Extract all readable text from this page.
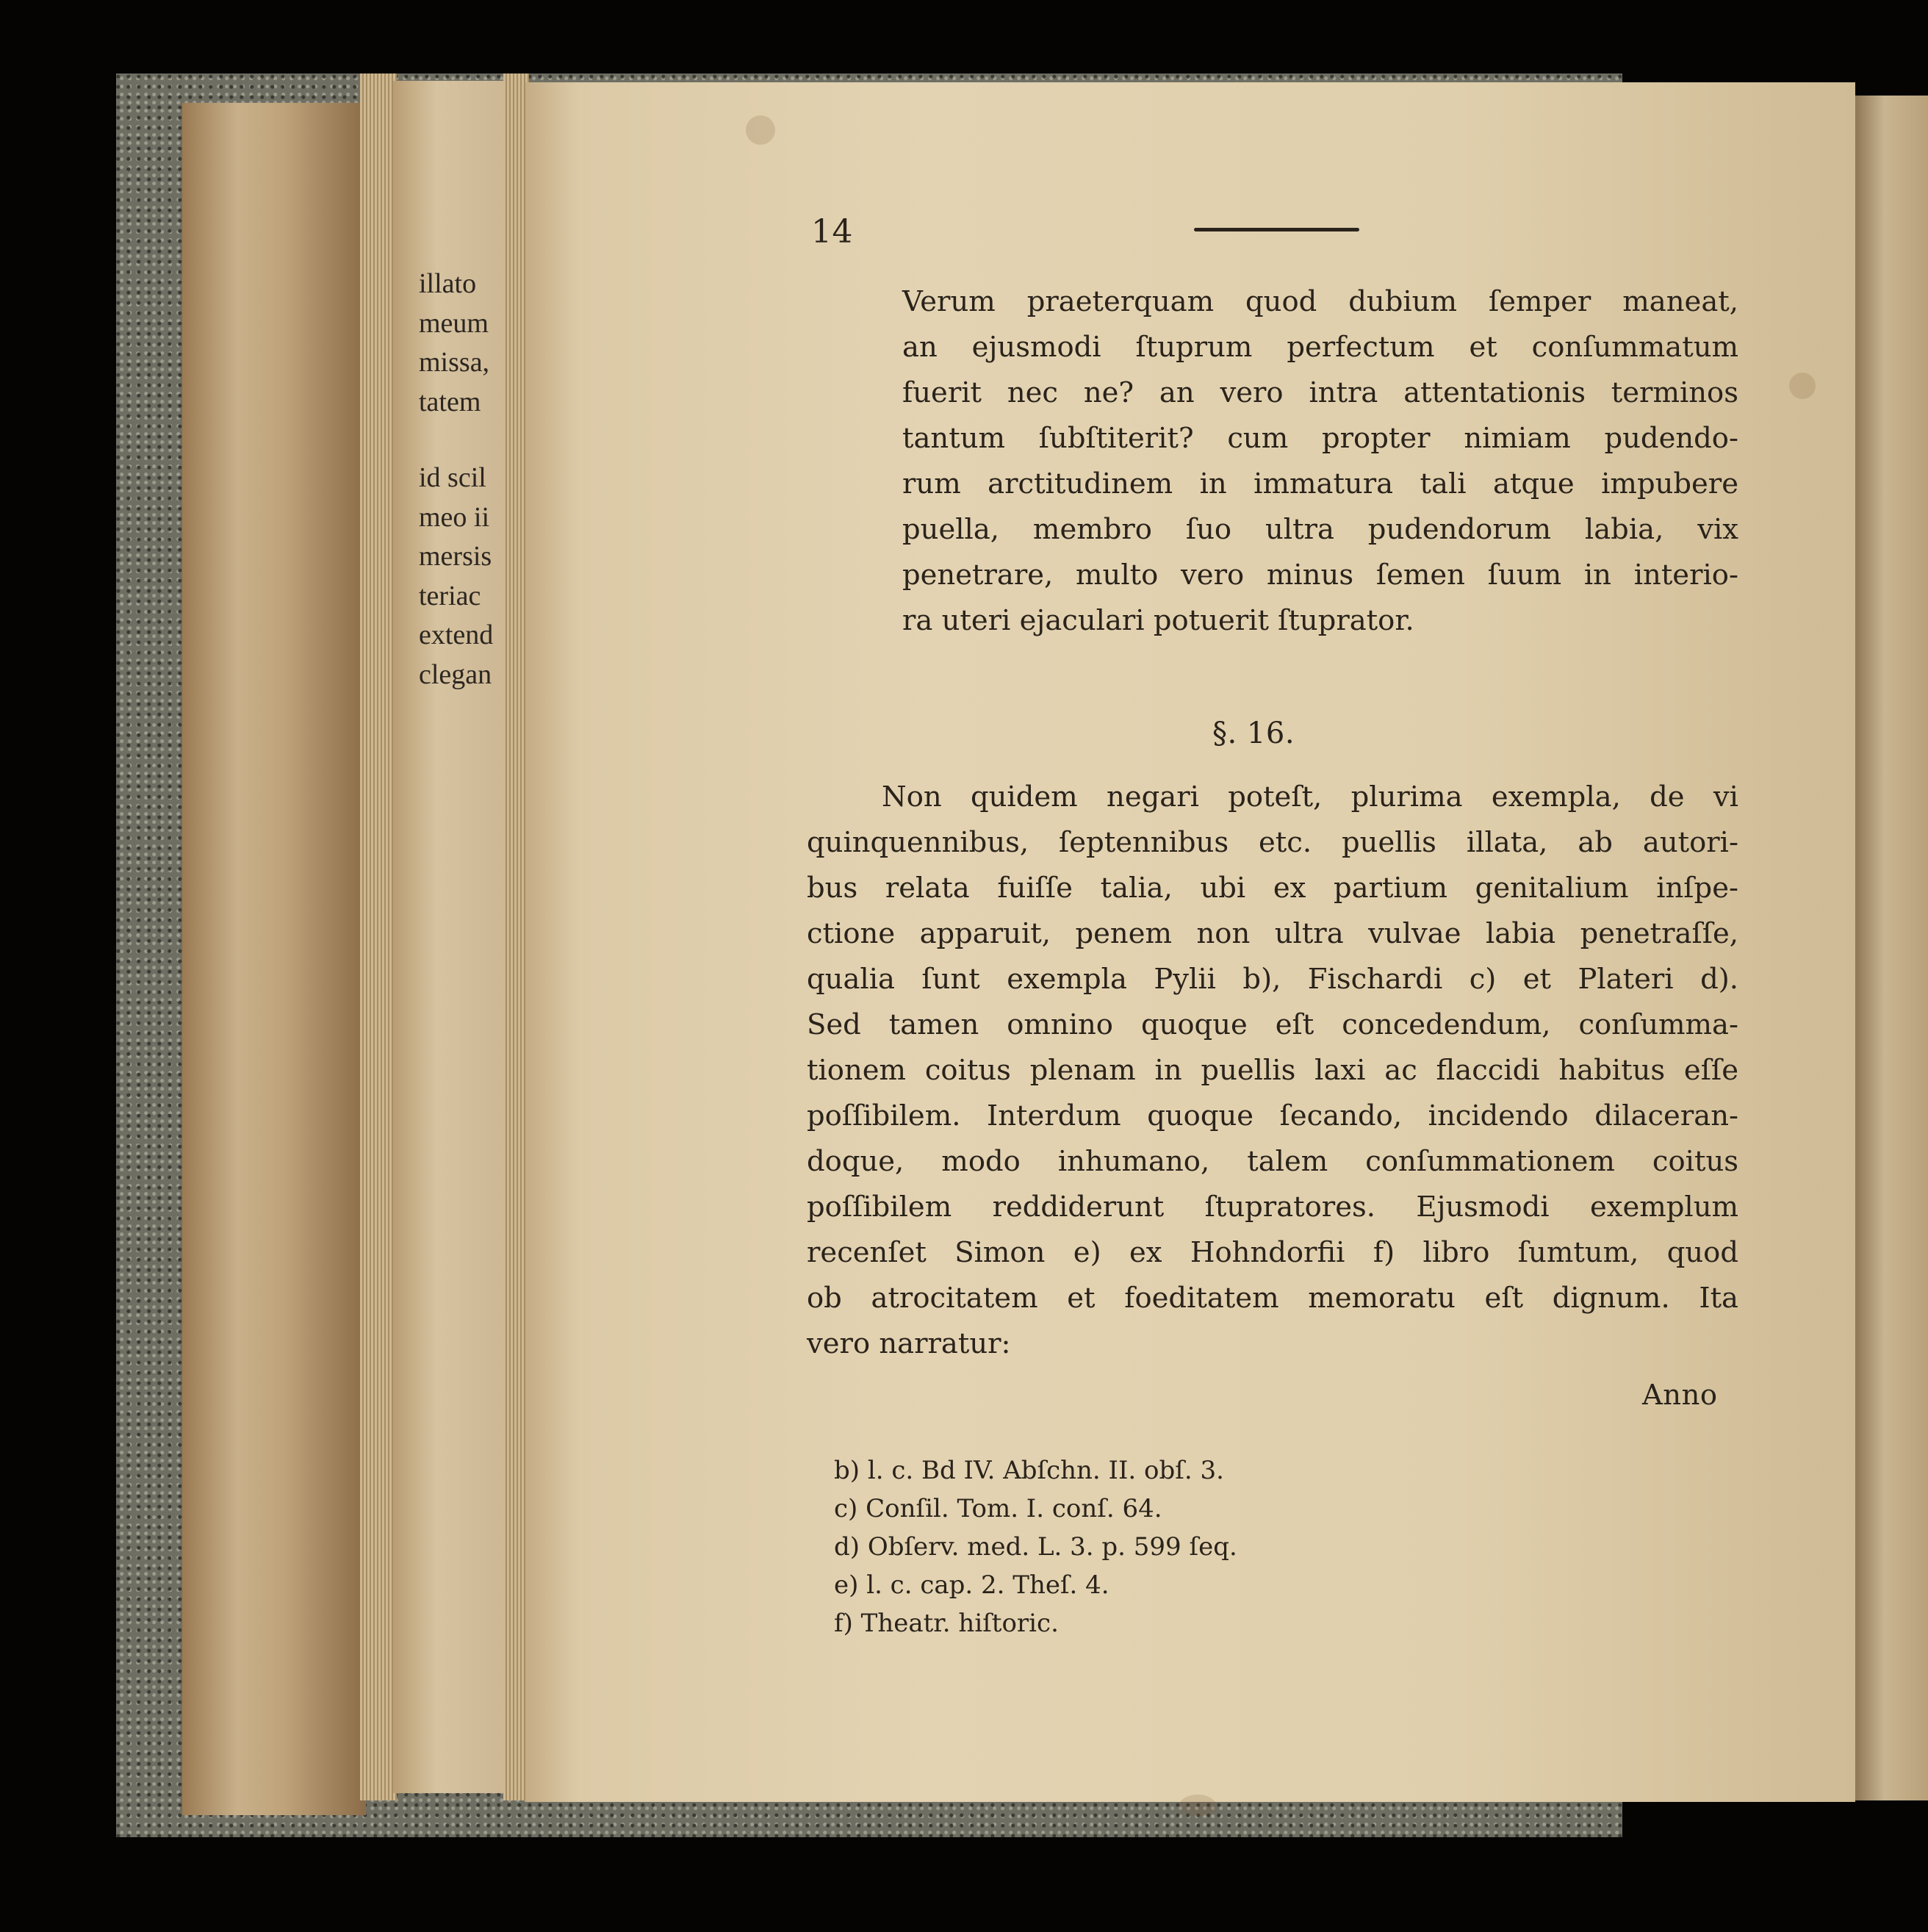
illato
meum
missa,
tatem
id scil
meo ii
mersis
teriac
extend
clegan
14
Verum praeterquam quod dubium ſemper maneat,
an ejusmodi ſtuprum perfectum et conſummatum
fuerit nec ne? an vero intra attentationis terminos
tantum ſubſtiterit? cum propter nimiam pudendo-
rum arctitudinem in immatura tali atque impubere
puella, membro ſuo ultra pudendorum labia, vix
penetrare, multo vero minus ſemen ſuum in interio-
ra uteri ejaculari potuerit ſtuprator.
§. 16.
Non quidem negari poteſt, plurima exempla, de vi
quinquennibus, ſeptennibus etc. puellis illata, ab autori-
bus relata fuiſſe talia, ubi ex partium genitalium inſpe-
ctione apparuit, penem non ultra vulvae labia penetraſſe,
qualia ſunt exempla Pylii b), Fischardi c) et Plateri d).
Sed tamen omnino quoque eſt concedendum, conſumma-
tionem coitus plenam in puellis laxi ac flaccidi habitus eſſe
poſſibilem. Interdum quoque ſecando, incidendo dilaceran-
doque, modo inhumano, talem conſummationem coitus
poſſibilem reddiderunt ſtupratores. Ejusmodi exemplum
recenſet Simon e) ex Hohndorfii f) libro ſumtum, quod
ob atrocitatem et foeditatem memoratu eſt dignum. Ita
vero narratur:
Anno
b) l. c. Bd IV. Abſchn. II. obſ. 3.
c) Conſil. Tom. I. conſ. 64.
d) Obſerv. med. L. 3. p. 599 ſeq.
e) l. c. cap. 2. Theſ. 4.
f) Theatr. hiſtoric.
